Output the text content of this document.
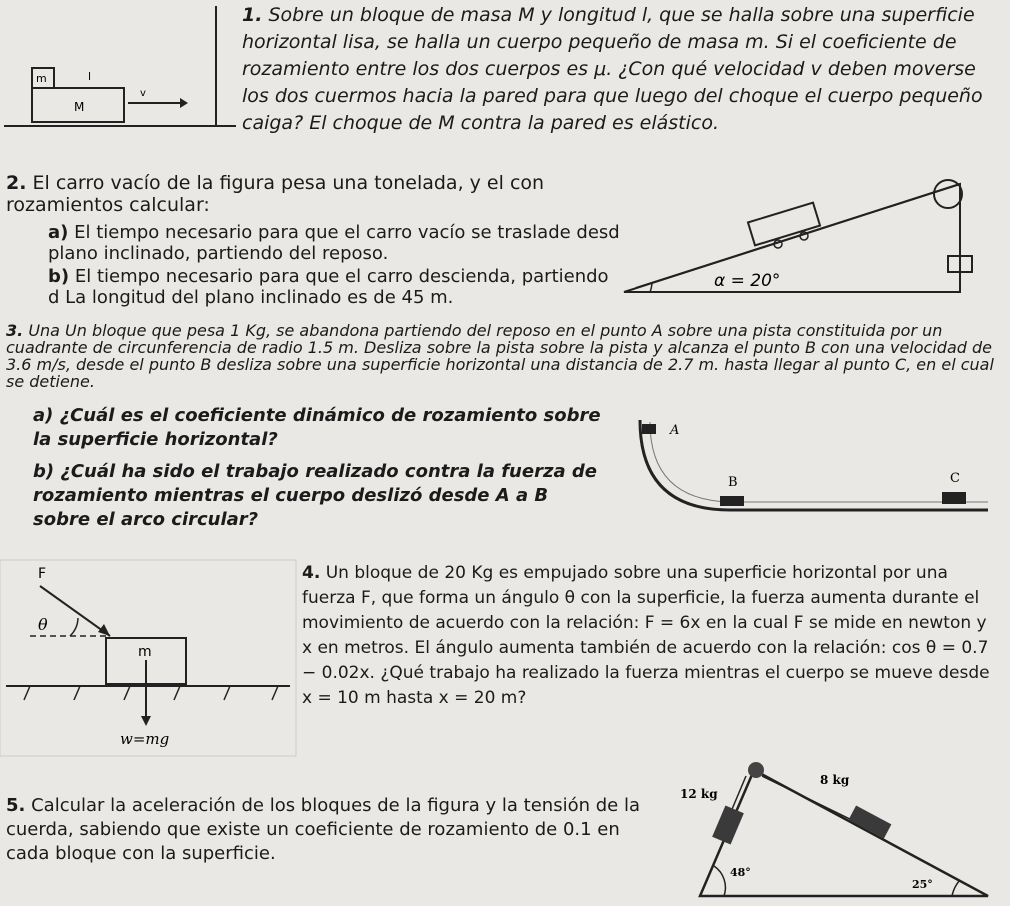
1. Sobre un bloque de masa M y longitud l, que se halla sobre una superficie horizontal lisa, se halla un cuerpo pequeño de masa m. Si el coeficiente de rozamiento entre los dos cuerpos es μ. ¿Con qué velocidad v deben moverse los dos cuermos hacia la pared para que luego del choque el cuerpo pequeño caiga? El choque de M contra la pared es elástico.

m	l
M
v

2. El carro vacío de la figura pesa una tonelada, y el con rozamientos calcular:

a) El tiempo necesario para que el carro vacío se traslade desd plano inclinado, partiendo del reposo.

b) El tiempo necesario para que el carro descienda, partiendo d La longitud del plano inclinado es de 45 m.

α = 20°

3. Una Un bloque que pesa 1 Kg, se abandona partiendo del reposo en el punto A sobre una pista constituida por un cuadrante de circunferencia de radio 1.5 m. Desliza sobre la pista sobre la pista y alcanza el punto B con una velocidad de 3.6 m/s, desde el punto B desliza sobre una superficie horizontal una distancia de 2.7 m. hasta llegar al punto C, en el cual se detiene.

a) ¿Cuál es el coeficiente dinámico de rozamiento sobre la superficie horizontal?

b) ¿Cuál ha sido el trabajo realizado contra la fuerza de rozamiento mientras el cuerpo deslizó desde A a B sobre el arco circular?

A
B	C

4. Un bloque de 20 Kg es empujado sobre una superficie horizontal por una fuerza F, que forma un ángulo θ con la superficie, la fuerza aumenta durante el movimiento de acuerdo con la relación: F = 6x en la cual F se mide en newton y x en metros. El ángulo aumenta también de acuerdo con la relación: cos θ = 0.7 − 0.02x. ¿Qué trabajo ha realizado la fuerza mientras el cuerpo se mueve desde x = 10 m hasta x = 20 m?

F
θ
m
w=mg

5. Calcular la aceleración de los bloques de la figura y la tensión de la cuerda, sabiendo que existe un coeficiente de rozamiento de 0.1 en cada bloque con la superficie.

12 kg
8 kg
48°
25°
